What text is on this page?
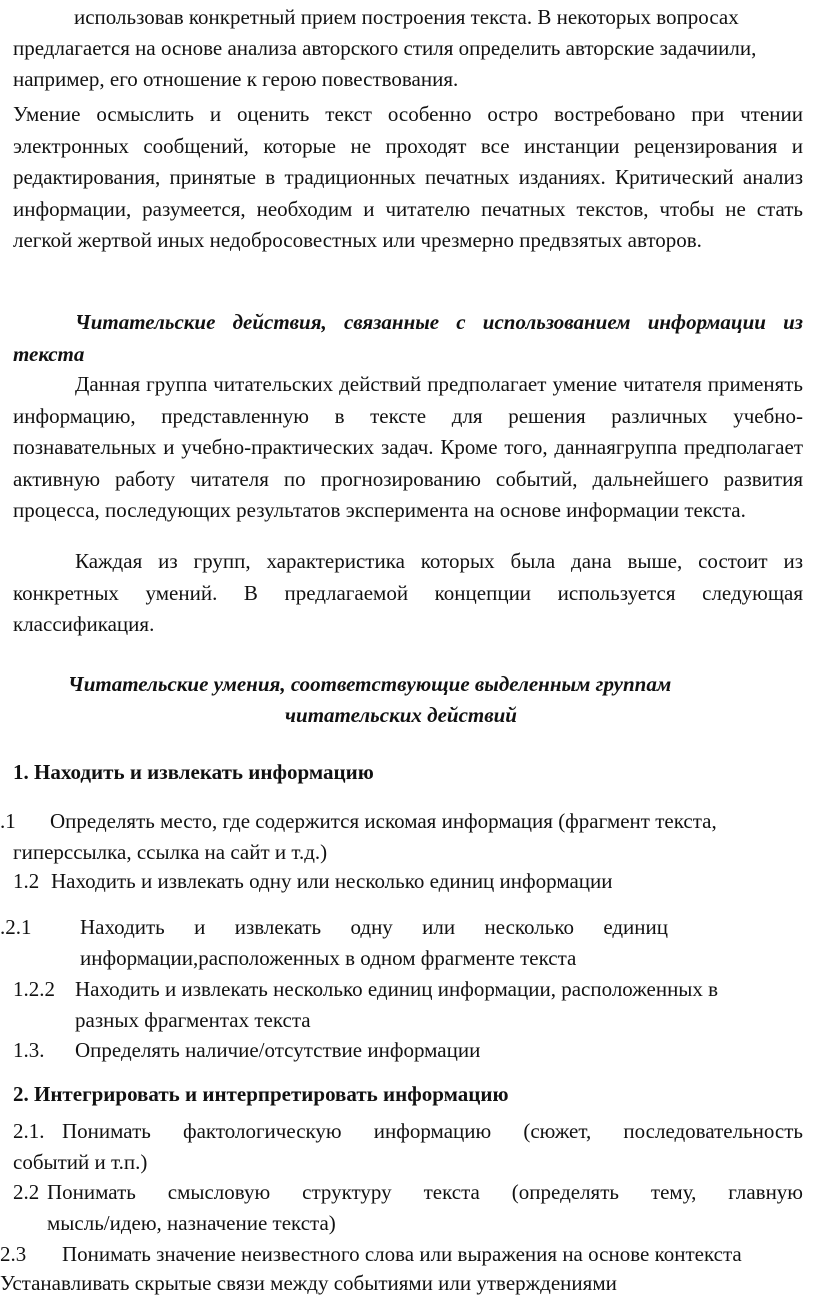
использовав конкретный прием построения текста. В некоторых вопросах

предлагается на основе анализа авторского стиля определить авторские задачиили,

например, его отношение к герою повествования.

Умение осмыслить и оценить текст особенно остро востребовано при чтении электронных сообщений, которые не проходят все инстанции рецензирования и редактирования, принятые в традиционных печатных изданиях. Критический анализ информации, разумеется, необходим и читателю печатных текстов, чтобы не стать легкой жертвой иных недобросовестных или чрезмерно предвзятых авторов.

Читательские действия, связанные с использованием информации из текста

Данная группа читательских действий предполагает умение читателя применять информацию, представленную в тексте для решения различных учебно-познавательных и учебно-практических задач. Кроме того, даннаягруппа предполагает активную работу читателя по прогнозированию событий, дальнейшего развития процесса, последующих результатов эксперимента на основе информации текста.

Каждая из групп, характеристика которых была дана выше, состоит из конкретных умений. В предлагаемой концепции используется следующая классификация.

Читательские умения, соответствующие выделенным группам

читательских действий

1. Находить и извлекать информацию

.1 Определять место, где содержится искомая информация (фрагмент текста,

гиперссылка, ссылка на сайт и т.д.)

1.2 Находить и извлекать одну или несколько единиц информации

.2.1 Находить и извлекать одну или несколько единиц

информации,расположенных в одном фрагменте текста

1.2.2 Находить и извлекать несколько единиц информации, расположенных в

разных фрагментах текста

1.3. Определять наличие/отсутствие информации

2. Интегрировать и интерпретировать информацию

2.1. Понимать фактологическую информацию (сюжет, последовательность

событий и т.п.)

2.2 Понимать смысловую структуру текста (определять тему, главную

мысль/идею, назначение текста)

2.3 Понимать значение неизвестного слова или выражения на основе контекста

Устанавливать скрытые связи между событиями или утверждениями
